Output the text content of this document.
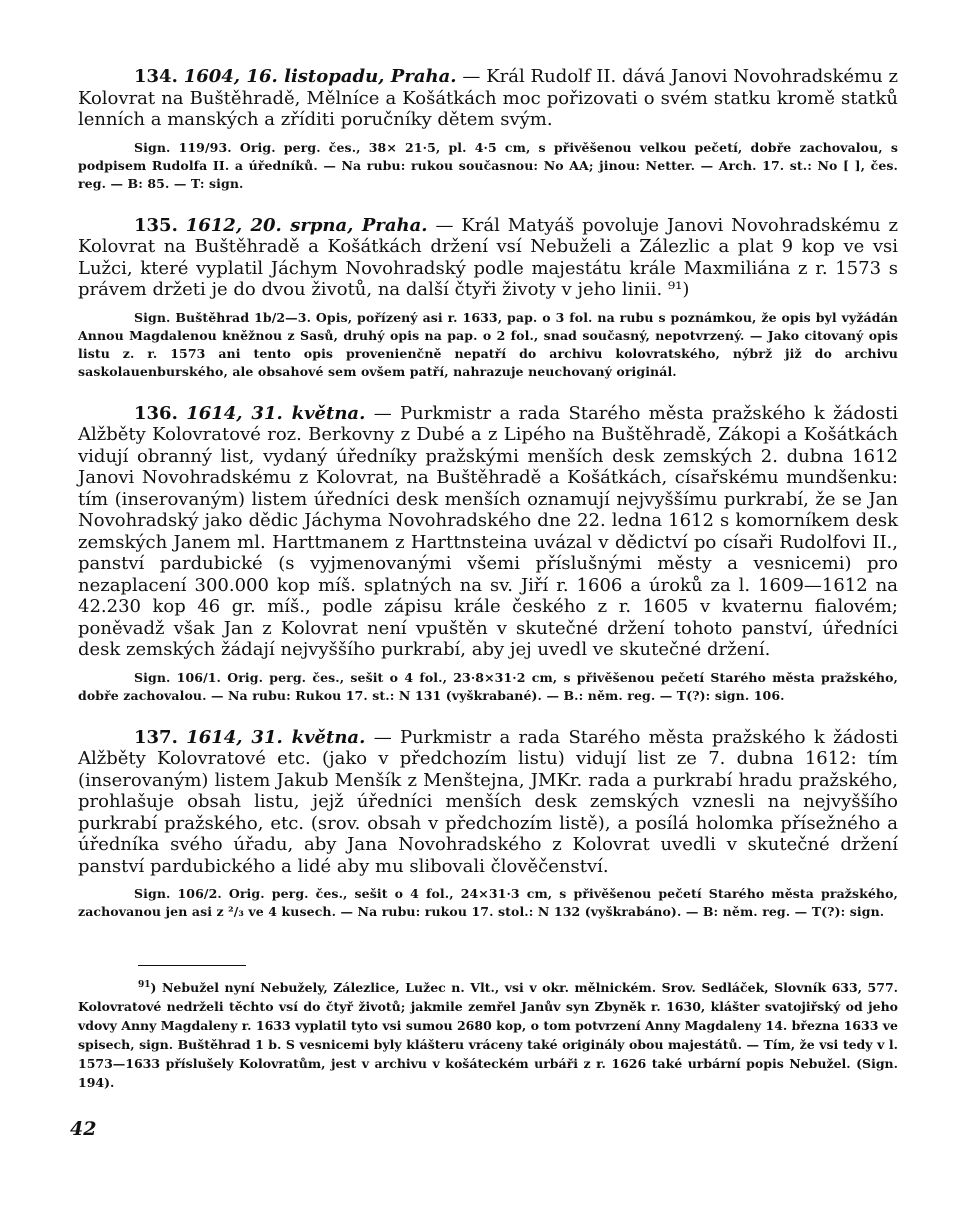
134. 1604, 16. listopadu, Praha. — Král Rudolf II. dává Janovi Novohradskému z Kolovrat na Buštěhradě, Mělníce a Košátkách moc pořizovati o svém statku kromě statků lenních a manských a zříditi poručníky dětem svým.

Sign. 119/93. Orig. perg. čes., 38× 21·5, pl. 4·5 cm, s přivěšenou velkou pečetí, dobře zachovalou, s podpisem Rudolfa II. a úředníků. — Na rubu: rukou současnou: No AA; jinou: Netter. — Arch. 17. st.: No [ ], čes. reg. — B: 85. — T: sign.

135. 1612, 20. srpna, Praha. — Král Matyáš povoluje Janovi Novohradskému z Kolovrat na Buštěhradě a Košátkách držení vsí Nebuželi a Zálezlic a plat 9 kop ve vsi Lužci, které vyplatil Jáchym Novohradský podle majestátu krále Maxmiliána z r. 1573 s právem držeti je do dvou životů, na další čtyři životy v jeho linii. ⁹¹)

Sign. Buštěhrad 1b/2—3. Opis, pořízený asi r. 1633, pap. o 3 fol. na rubu s poznámkou, že opis byl vyžádán Annou Magdalenou kněžnou z Sasů, druhý opis na pap. o 2 fol., snad současný, nepotvrzený. — Jako citovaný opis listu z. r. 1573 ani tento opis provenienčně nepatří do archivu kolovratského, nýbrž již do archivu saskolauenburského, ale obsahové sem ovšem patří, nahrazuje neuchovaný originál.

136. 1614, 31. května. — Purkmistr a rada Starého města pražského k žádosti Alžběty Kolovratové roz. Berkovny z Dubé a z Lipého na Buštěhradě, Zákopi a Košátkách vidují obranný list, vydaný úředníky pražskými menších desk zemských 2. dubna 1612 Janovi Novohradskému z Kolovrat, na Buštěhradě a Košátkách, císařskému mundšenku: tím (inserovaným) listem úředníci desk menších oznamují nejvyššímu purkrabí, že se Jan Novohradský jako dědic Jáchyma Novohradského dne 22. ledna 1612 s komorníkem desk zemských Janem ml. Harttmanem z Harttnsteina uvázal v dědictví po císaři Rudolfovi II., panství pardubické (s vyjmenovanými všemi příslušnými městy a vesnicemi) pro nezaplacení 300.000 kop míš. splatných na sv. Jiří r. 1606 a úroků za l. 1609—1612 na 42.230 kop 46 gr. míš., podle zápisu krále českého z r. 1605 v kvaternu fialovém; poněvadž však Jan z Kolovrat není vpuštěn v skutečné držení tohoto panství, úředníci desk zemských žádají nejvyššího purkrabí, aby jej uvedl ve skutečné držení.

Sign. 106/1. Orig. perg. čes., sešit o 4 fol., 23·8×31·2 cm, s přivěšenou pečetí Starého města pražského, dobře zachovalou. — Na rubu: Rukou 17. st.: N 131 (vyškrabané). — B.: něm. reg. — T(?): sign. 106.

137. 1614, 31. května. — Purkmistr a rada Starého města pražského k žádosti Alžběty Kolovratové etc. (jako v předchozím listu) vidují list ze 7. dubna 1612: tím (inserovaným) listem Jakub Menšík z Menštejna, JMKr. rada a purkrabí hradu pražského, prohlašuje obsah listu, jejž úředníci menších desk zemských vznesli na nejvyššího purkrabí pražského, etc. (srov. obsah v předchozím listě), a posílá holomka přísežného a úředníka svého úřadu, aby Jana Novohradského z Kolovrat uvedli v skutečné držení panství pardubického a lidé aby mu slibovali člověčenství.

Sign. 106/2. Orig. perg. čes., sešit o 4 fol., 24×31·3 cm, s přivěšenou pečetí Starého města pražského, zachovanou jen asi z ²/₃ ve 4 kusech. — Na rubu: rukou 17. stol.: N 132 (vyškrabáno). — B: něm. reg. — T(?): sign.

$^{91}$) Nebužel nyní Nebužely, Zálezlice, Lužec n. Vlt., vsi v okr. mělnickém. Srov. Sedláček, Slovník 633, 577. Kolovratové nedrželi těchto vsí do čtyř životů; jakmile zemřel Janův syn Zbyněk r. 1630, klášter svatojiřský od jeho vdovy Anny Magdaleny r. 1633 vyplatil tyto vsi sumou 2680 kop, o tom potvrzení Anny Magdaleny 14. března 1633 ve spisech, sign. Buštěhrad 1 b. S vesnicemi byly klášteru vráceny také originály obou majestátů. — Tím, že vsi tedy v l. 1573—1633 příslušely Kolovratům, jest v archivu v košáteckém urbáři z r. 1626 také urbární popis Nebužel. (Sign. 194).

42
